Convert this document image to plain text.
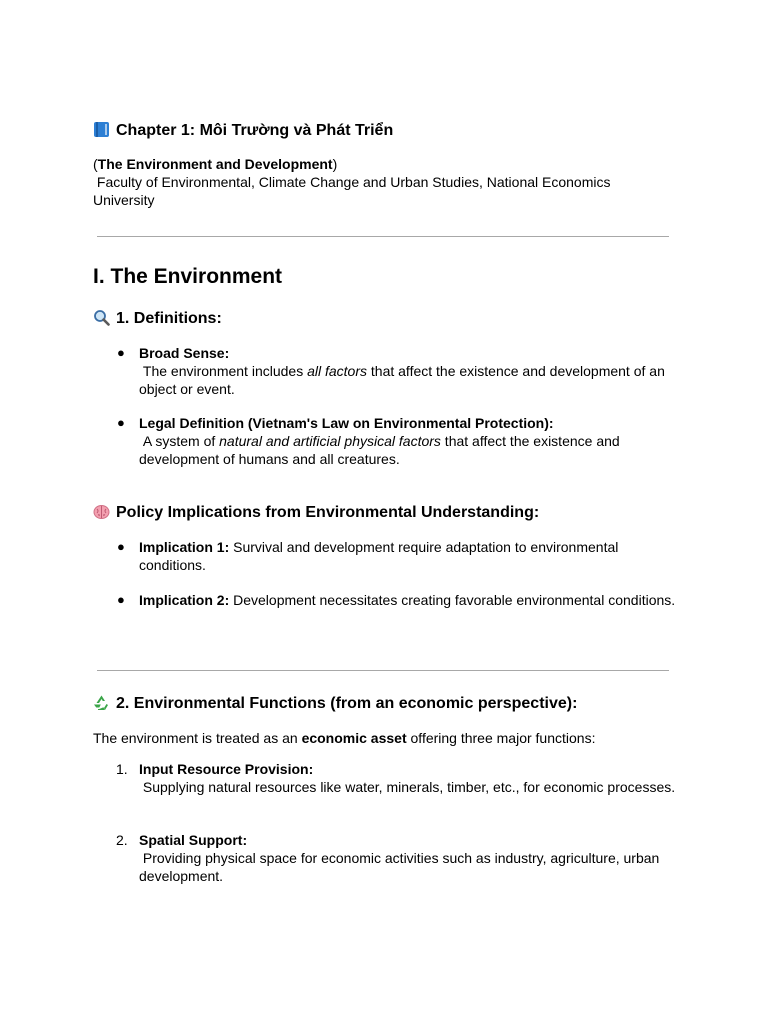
Chapter 1: Môi Trường và Phát Triển
(The Environment and Development)
Faculty of Environmental, Climate Change and Urban Studies, National Economics University
I. The Environment
1. Definitions:
● Broad Sense:
The environment includes all factors that affect the existence and development of an object or event.
● Legal Definition (Vietnam's Law on Environmental Protection):
A system of natural and artificial physical factors that affect the existence and development of humans and all creatures.
Policy Implications from Environmental Understanding:
● Implication 1: Survival and development require adaptation to environmental conditions.
● Implication 2: Development necessitates creating favorable environmental conditions.
2. Environmental Functions (from an economic perspective):
The environment is treated as an economic asset offering three major functions:
1. Input Resource Provision:
Supplying natural resources like water, minerals, timber, etc., for economic processes.
2. Spatial Support:
Providing physical space for economic activities such as industry, agriculture, urban development.
